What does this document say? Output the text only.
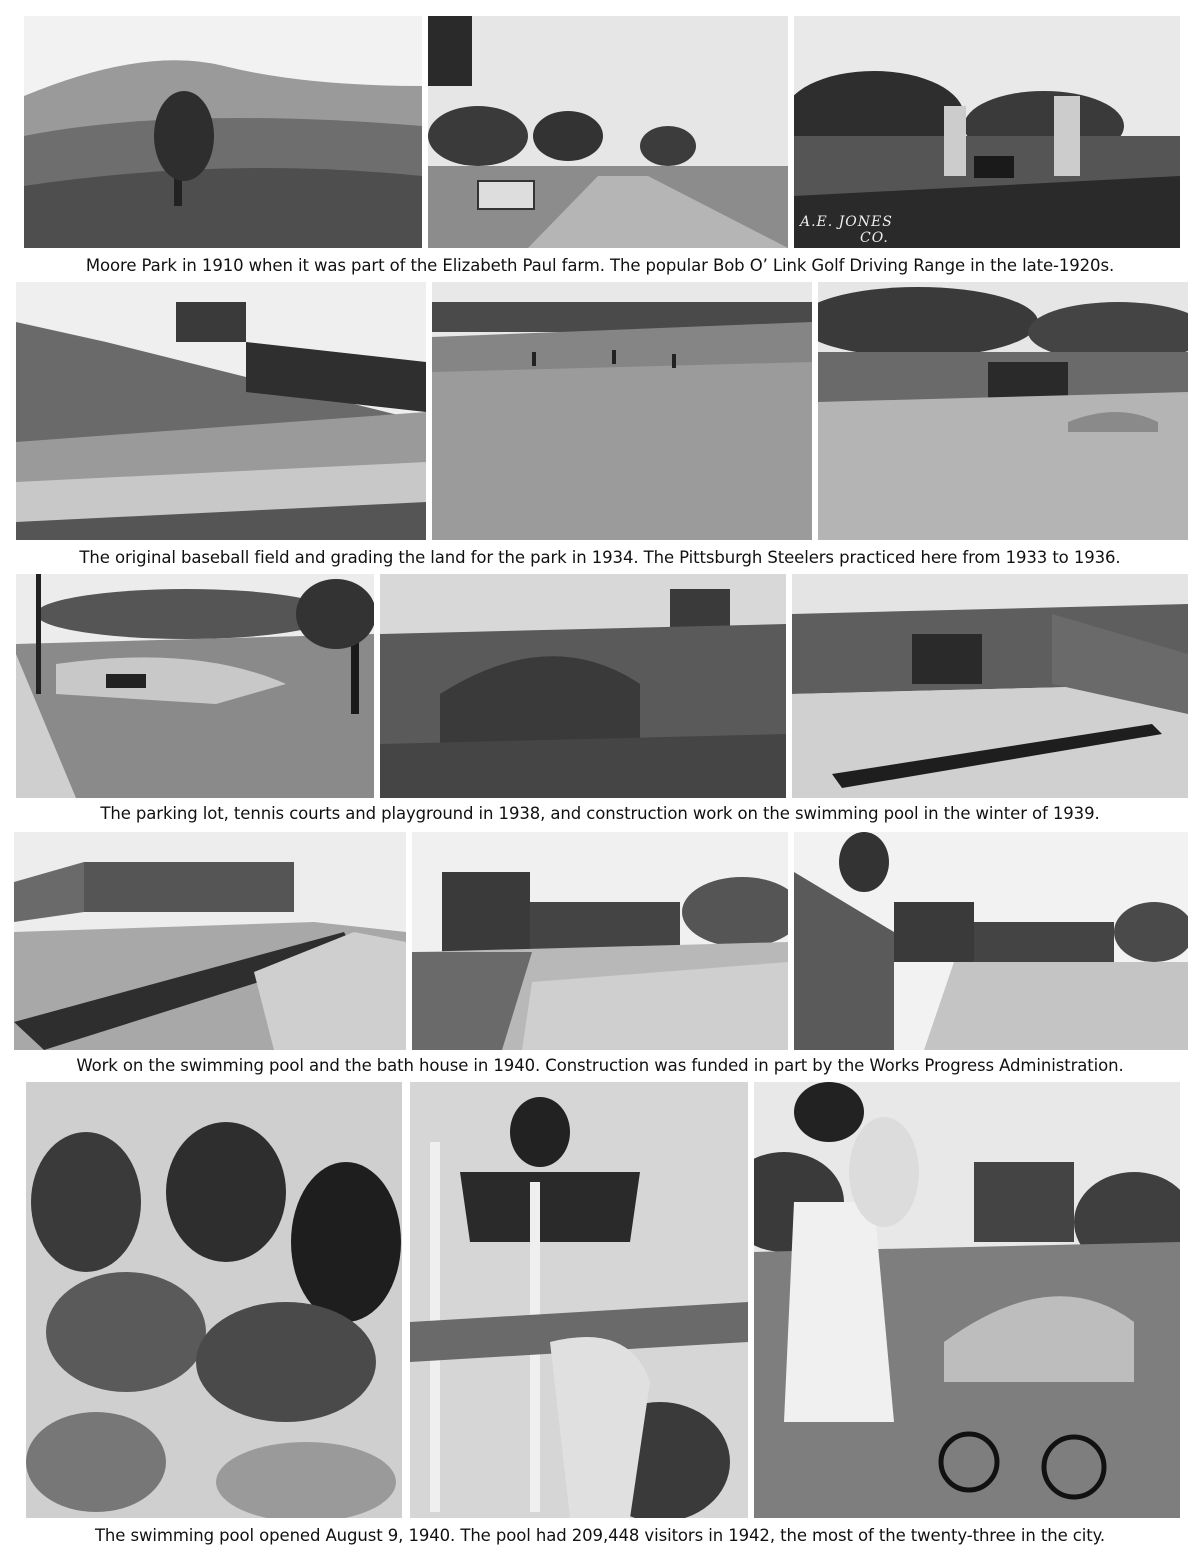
A.E. JONES
CO.
Moore Park in 1910 when it was part of the Elizabeth Paul farm. The popular Bob O’ Link Golf Driving Range in the late-1920s.
The original baseball field and grading the land for the park in 1934. The Pittsburgh Steelers practiced here from 1933 to 1936.
The parking lot, tennis courts and playground in 1938, and construction work on the swimming pool in the winter of 1939.
Work on the swimming pool and the bath house in 1940. Construction was funded in part by the Works Progress Administration.
The swimming pool opened August 9, 1940. The pool had 209,448 visitors in 1942, the most of the twenty-three in the city.
